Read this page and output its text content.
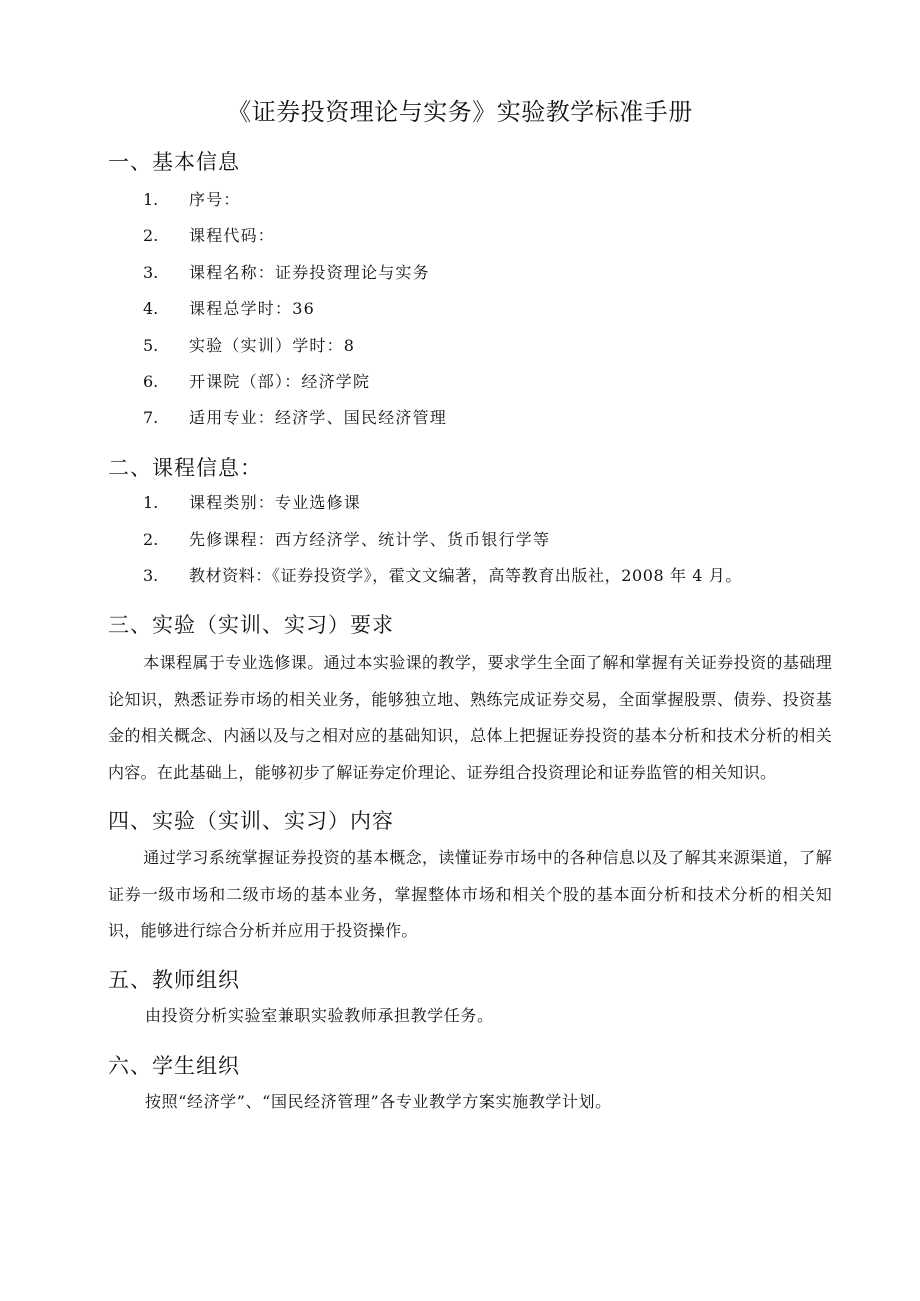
《证券投资理论与实务》实验教学标准手册
一、基本信息
1. 序号：
2. 课程代码：
3. 课程名称：证券投资理论与实务
4. 课程总学时：36
5. 实验（实训）学时：8
6. 开课院（部）：经济学院
7. 适用专业：经济学、国民经济管理
二、课程信息：
1. 课程类别：专业选修课
2. 先修课程：西方经济学、统计学、货币银行学等
3. 教材资料：《证券投资学》，霍文文编著，高等教育出版社，2008 年 4 月。
三、实验（实训、实习）要求
本课程属于专业选修课。通过本实验课的教学，要求学生全面了解和掌握有关证券投资的基础理论知识，熟悉证券市场的相关业务，能够独立地、熟练完成证券交易，全面掌握股票、债券、投资基金的相关概念、内涵以及与之相对应的基础知识，总体上把握证券投资的基本分析和技术分析的相关内容。在此基础上，能够初步了解证券定价理论、证券组合投资理论和证券监管的相关知识。
四、实验（实训、实习）内容
通过学习系统掌握证券投资的基本概念，读懂证券市场中的各种信息以及了解其来源渠道，了解证券一级市场和二级市场的基本业务，掌握整体市场和相关个股的基本面分析和技术分析的相关知识，能够进行综合分析并应用于投资操作。
五、教师组织
由投资分析实验室兼职实验教师承担教学任务。
六、学生组织
按照“经济学”、“国民经济管理”各专业教学方案实施教学计划。
